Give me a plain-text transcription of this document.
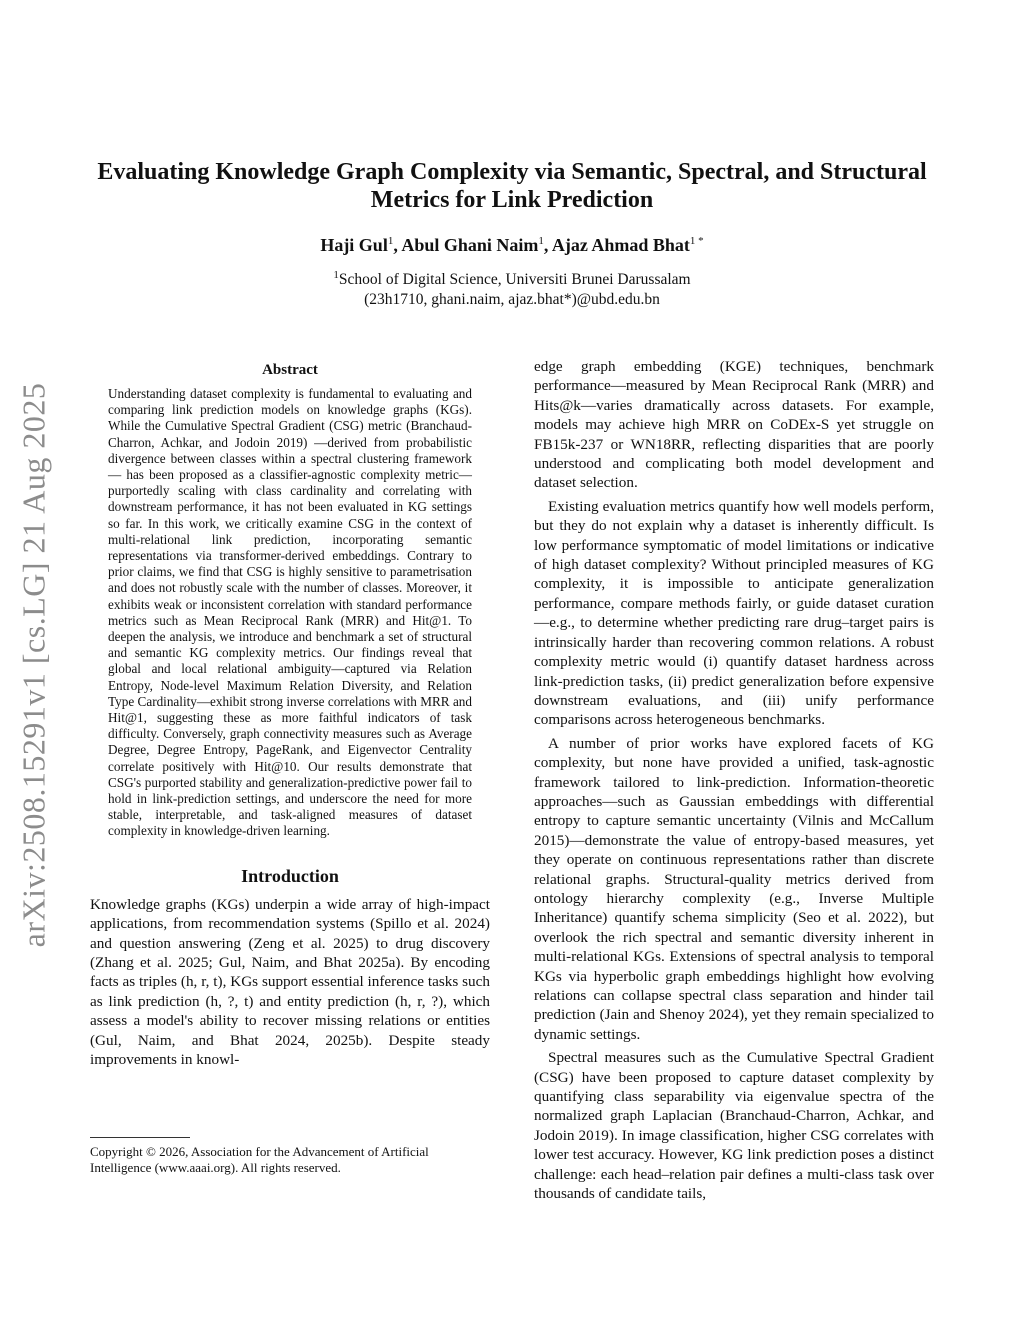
arXiv:2508.15291v1 [cs.LG] 21 Aug 2025
Evaluating Knowledge Graph Complexity via Semantic, Spectral, and Structural
Metrics for Link Prediction

Haji Gul$^1$, Abul Ghani Naim$^1$, Ajaz Ahmad Bhat$^{1 *}$

$^1$School of Digital Science, Universiti Brunei Darussalam
(23h1710, ghani.naim, ajaz.bhat*)@ubd.edu.bn
Abstract

Understanding dataset complexity is fundamental to evaluating and comparing link prediction models on knowledge graphs (KGs). While the Cumulative Spectral Gradient (CSG) metric (Branchaud-Charron, Achkar, and Jodoin 2019) —derived from probabilistic divergence between classes within a spectral clustering framework— has been proposed as a classifier-agnostic complexity metric—purportedly scaling with class cardinality and correlating with downstream performance, it has not been evaluated in KG settings so far. In this work, we critically examine CSG in the context of multi-relational link prediction, incorporating semantic representations via transformer-derived embeddings. Contrary to prior claims, we find that CSG is highly sensitive to parametrisation and does not robustly scale with the number of classes. Moreover, it exhibits weak or inconsistent correlation with standard performance metrics such as Mean Reciprocal Rank (MRR) and Hit@1. To deepen the analysis, we introduce and benchmark a set of structural and semantic KG complexity metrics. Our findings reveal that global and local relational ambiguity—captured via Relation Entropy, Node-level Maximum Relation Diversity, and Relation Type Cardinality—exhibit strong inverse correlations with MRR and Hit@1, suggesting these as more faithful indicators of task difficulty. Conversely, graph connectivity measures such as Average Degree, Degree Entropy, PageRank, and Eigenvector Centrality correlate positively with Hit@10. Our results demonstrate that CSG's purported stability and generalization-predictive power fail to hold in link-prediction settings, and underscore the need for more stable, interpretable, and task-aligned measures of dataset complexity in knowledge-driven learning.

Introduction

Knowledge graphs (KGs) underpin a wide array of high-impact applications, from recommendation systems (Spillo et al. 2024) and question answering (Zeng et al. 2025) to drug discovery (Zhang et al. 2025; Gul, Naim, and Bhat 2025a). By encoding facts as triples (h, r, t), KGs support essential inference tasks such as link prediction (h, ?, t) and entity prediction (h, r, ?), which assess a model's ability to recover missing relations or entities (Gul, Naim, and Bhat 2024, 2025b). Despite steady improvements in knowl-

Copyright © 2026, Association for the Advancement of Artificial Intelligence (www.aaai.org). All rights reserved.

edge graph embedding (KGE) techniques, benchmark performance—measured by Mean Reciprocal Rank (MRR) and Hits@k—varies dramatically across datasets. For example, models may achieve high MRR on CoDEx-S yet struggle on FB15k-237 or WN18RR, reflecting disparities that are poorly understood and complicating both model development and dataset selection.

Existing evaluation metrics quantify how well models perform, but they do not explain why a dataset is inherently difficult. Is low performance symptomatic of model limitations or indicative of high dataset complexity? Without principled measures of KG complexity, it is impossible to anticipate generalization performance, compare methods fairly, or guide dataset curation—e.g., to determine whether predicting rare drug–target pairs is intrinsically harder than recovering common relations. A robust complexity metric would (i) quantify dataset hardness across link-prediction tasks, (ii) predict generalization before expensive downstream evaluations, and (iii) unify performance comparisons across heterogeneous benchmarks.

A number of prior works have explored facets of KG complexity, but none have provided a unified, task-agnostic framework tailored to link-prediction. Information-theoretic approaches—such as Gaussian embeddings with differential entropy to capture semantic uncertainty (Vilnis and McCallum 2015)—demonstrate the value of entropy-based measures, yet they operate on continuous representations rather than discrete relational graphs. Structural-quality metrics derived from ontology hierarchy complexity (e.g., Inverse Multiple Inheritance) quantify schema simplicity (Seo et al. 2022), but overlook the rich spectral and semantic diversity inherent in multi-relational KGs. Extensions of spectral analysis to temporal KGs via hyperbolic graph embeddings highlight how evolving relations can collapse spectral class separation and hinder tail prediction (Jain and Shenoy 2024), yet they remain specialized to dynamic settings.

Spectral measures such as the Cumulative Spectral Gradient (CSG) have been proposed to capture dataset complexity by quantifying class separability via eigenvalue spectra of the normalized graph Laplacian (Branchaud-Charron, Achkar, and Jodoin 2019). In image classification, higher CSG correlates with lower test accuracy. However, KG link prediction poses a distinct challenge: each head–relation pair defines a multi-class task over thousands of candidate tails,
